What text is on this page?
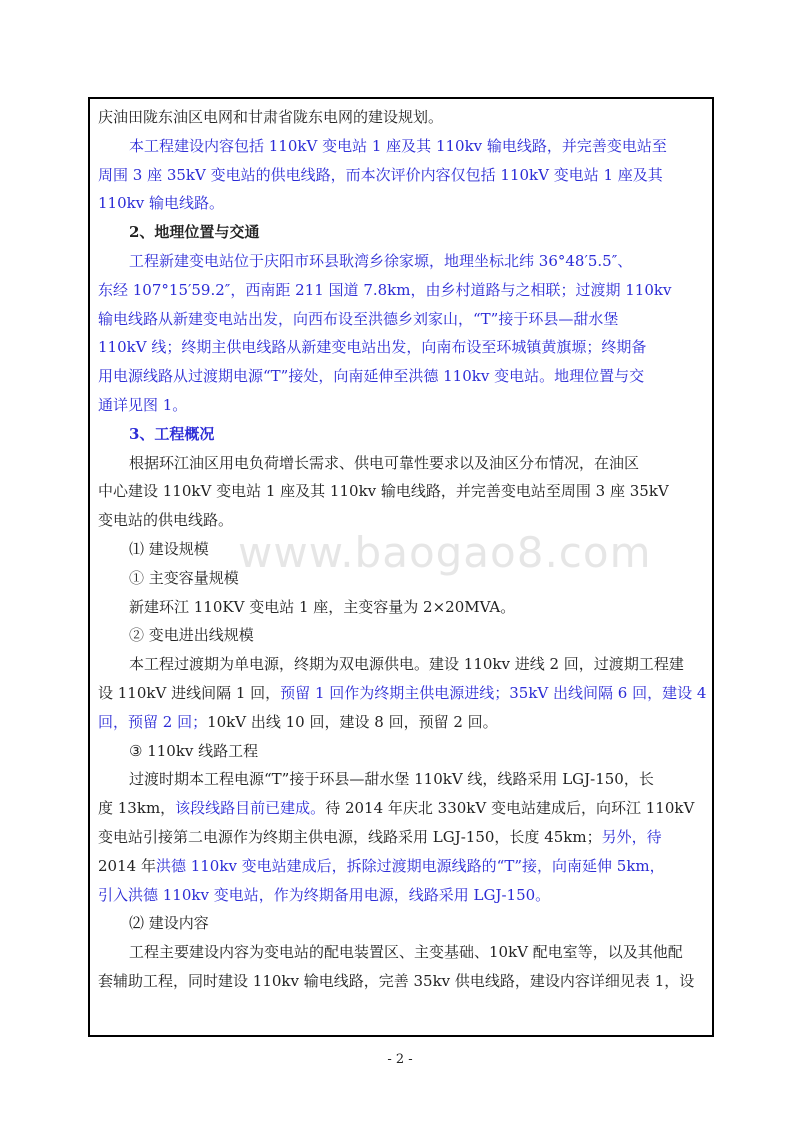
庆油田陇东油区电网和甘肃省陇东电网的建设规划。
本工程建设内容包括 110kV 变电站 1 座及其 110kv 输电线路，并完善变电站至
周围 3 座 35kV 变电站的供电线路，而本次评价内容仅包括 110kV 变电站 1 座及其
110kv 输电线路。
2、地理位置与交通
工程新建变电站位于庆阳市环县耿湾乡徐家塬，地理坐标北纬 36°48′5.5″、
东经 107°15′59.2″，西南距 211 国道 7.8km，由乡村道路与之相联；过渡期 110kv
输电线路从新建变电站出发，向西布设至洪德乡刘家山，“T”接于环县—甜水堡
110kV 线；终期主供电线路从新建变电站出发，向南布设至环城镇黄旗塬；终期备
用电源线路从过渡期电源“T”接处，向南延伸至洪德 110kv 变电站。地理位置与交
通详见图 1。
3、工程概况
根据环江油区用电负荷增长需求、供电可靠性要求以及油区分布情况，在油区
中心建设 110kV 变电站 1 座及其 110kv 输电线路，并完善变电站至周围 3 座 35kV
变电站的供电线路。
⑴ 建设规模
① 主变容量规模
新建环江 110KV 变电站 1 座，主变容量为 2×20MVA。
② 变电进出线规模
本工程过渡期为单电源，终期为双电源供电。建设 110kv 进线 2 回，过渡期工程建
设 110kV 进线间隔 1 回，预留 1 回作为终期主供电源进线；35kV 出线间隔 6 回，建设 4
回，预留 2 回；10kV 出线 10 回，建设 8 回，预留 2 回。
③ 110kv 线路工程
过渡时期本工程电源“T”接于环县—甜水堡 110kV 线，线路采用 LGJ-150，长
度 13km，该段线路目前已建成。待 2014 年庆北 330kV 变电站建成后，向环江 110kV
变电站引接第二电源作为终期主供电源，线路采用 LGJ-150，长度 45km；另外，待
2014 年洪德 110kv 变电站建成后，拆除过渡期电源线路的“T”接，向南延伸 5km，
引入洪德 110kv 变电站，作为终期备用电源，线路采用 LGJ-150。
⑵ 建设内容
工程主要建设内容为变电站的配电装置区、主变基础、10kV 配电室等，以及其他配
套辅助工程，同时建设 110kv 输电线路，完善 35kv 供电线路，建设内容详细见表 1，设
www.baogao8.com
- 2 -
